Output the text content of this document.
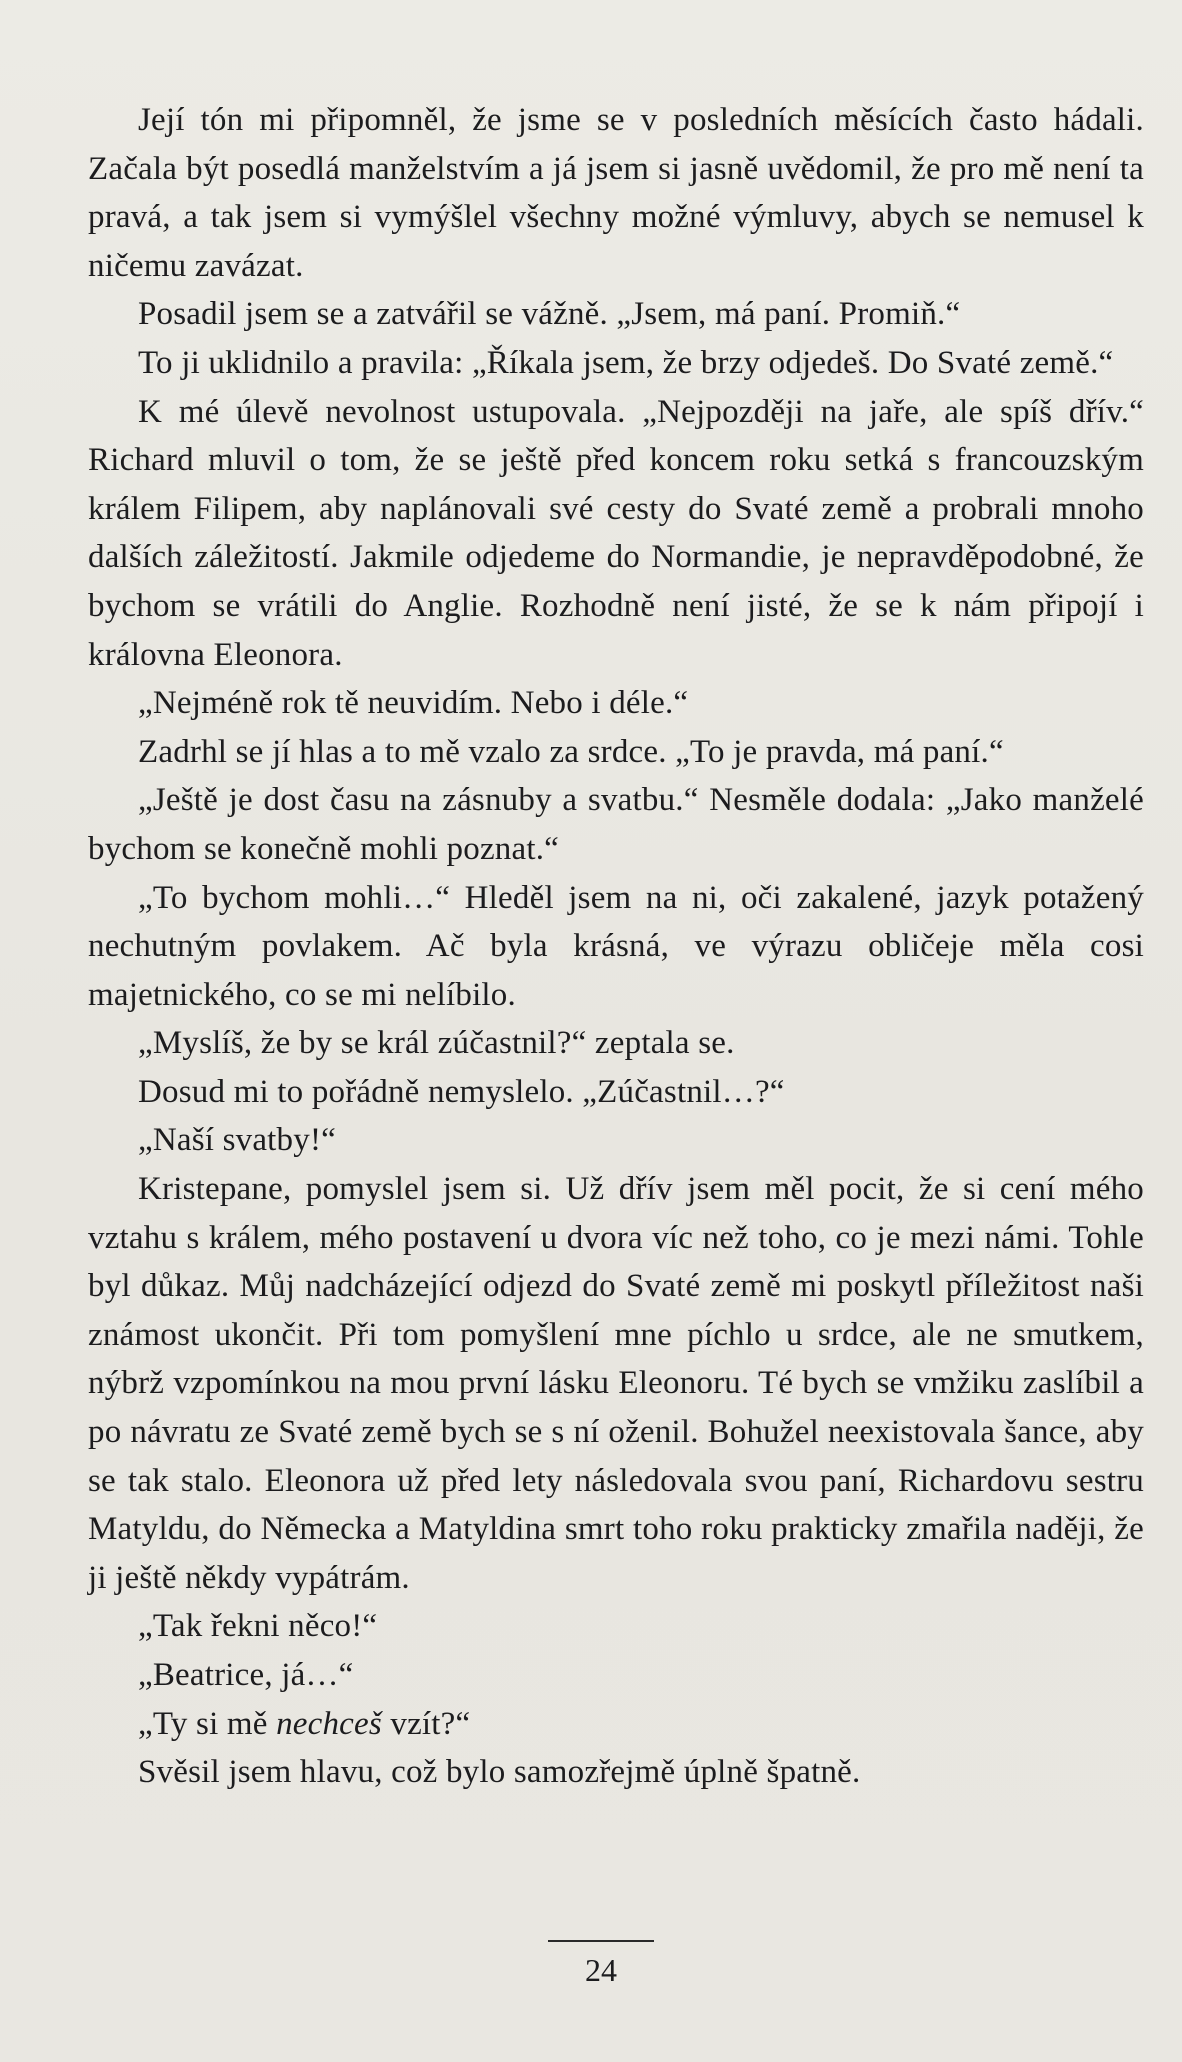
Její tón mi připomněl, že jsme se v posledních měsících často hádali. Začala být posedlá manželstvím a já jsem si jasně uvědomil, že pro mě není ta pravá, a tak jsem si vymýšlel všechny možné výmluvy, abych se nemusel k ničemu zavázat.

Posadil jsem se a zatvářil se vážně. „Jsem, má paní. Promiň.“

To ji uklidnilo a pravila: „Říkala jsem, že brzy odjedeš. Do Svaté země.“

K mé úlevě nevolnost ustupovala. „Nejpozději na jaře, ale spíš dřív.“ Richard mluvil o tom, že se ještě před koncem roku setká s francouzským králem Filipem, aby naplánovali své cesty do Svaté země a probrali mnoho dalších záležitostí. Jakmile odjedeme do Normandie, je nepravděpodobné, že bychom se vrátili do Anglie. Rozhodně není jisté, že se k nám připojí i královna Eleonora.

„Nejméně rok tě neuvidím. Nebo i déle.“

Zadrhl se jí hlas a to mě vzalo za srdce. „To je pravda, má paní.“

„Ještě je dost času na zásnuby a svatbu.“ Nesměle dodala: „Jako manželé bychom se konečně mohli poznat.“

„To bychom mohli…“ Hleděl jsem na ni, oči zakalené, jazyk potažený nechutným povlakem. Ač byla krásná, ve výrazu obličeje měla cosi majetnického, co se mi nelíbilo.

„Myslíš, že by se král zúčastnil?“ zeptala se.

Dosud mi to pořádně nemyslelo. „Zúčastnil…?“

„Naší svatby!“

Kristepane, pomyslel jsem si. Už dřív jsem měl pocit, že si cení mého vztahu s králem, mého postavení u dvora víc než toho, co je mezi námi. Tohle byl důkaz. Můj nadcházející odjezd do Svaté země mi poskytl příležitost naši známost ukončit. Při tom pomyšlení mne píchlo u srdce, ale ne smutkem, nýbrž vzpomínkou na mou první lásku Eleonoru. Té bych se vmžiku zaslíbil a po návratu ze Svaté země bych se s ní oženil. Bohužel neexistovala šance, aby se tak stalo. Eleonora už před lety následovala svou paní, Richardovu sestru Matyldu, do Německa a Matyldina smrt toho roku prakticky zmařila naději, že ji ještě někdy vypátrám.

„Tak řekni něco!“

„Beatrice, já…“

„Ty si mě nechceš vzít?“

Svěsil jsem hlavu, což bylo samozřejmě úplně špatně.

24
